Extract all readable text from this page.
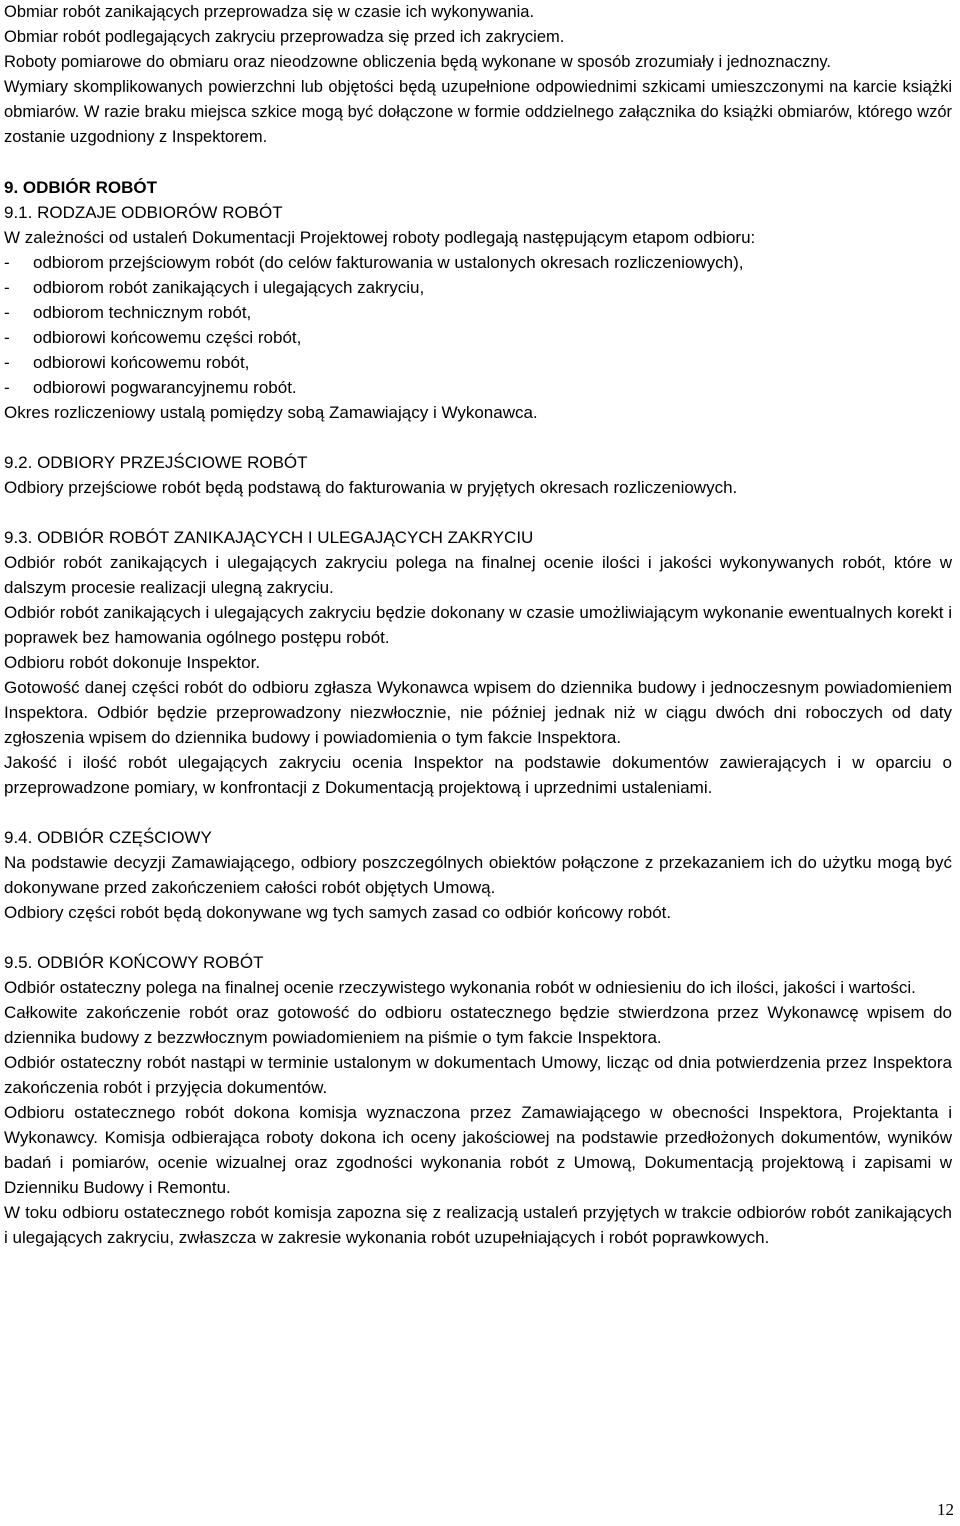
Obmiar robót zanikających przeprowadza się w czasie ich wykonywania.

Obmiar robót podlegających zakryciu przeprowadza się przed ich zakryciem.

Roboty pomiarowe do obmiaru oraz nieodzowne obliczenia będą wykonane w sposób zrozumiały i jednoznaczny.

Wymiary skomplikowanych powierzchni lub objętości będą uzupełnione odpowiednimi szkicami umieszczonymi na karcie książki obmiarów. W razie braku miejsca szkice mogą być dołączone w formie oddzielnego załącznika do książki obmiarów, którego wzór zostanie uzgodniony z Inspektorem.

9. ODBIÓR ROBÓT
9.1. RODZAJE ODBIORÓW ROBÓT

W zależności od ustaleń Dokumentacji Projektowej roboty podlegają następującym etapom odbioru:

- odbiorom przejściowym robót (do celów fakturowania w ustalonych okresach rozliczeniowych),
- odbiorom robót zanikających i ulegających zakryciu,
- odbiorom technicznym robót,
- odbiorowi końcowemu części robót,
- odbiorowi końcowemu robót,
- odbiorowi pogwarancyjnemu robót.

Okres rozliczeniowy ustalą pomiędzy sobą Zamawiający i Wykonawca.

9.2. ODBIORY PRZEJŚCIOWE ROBÓT

Odbiory przejściowe robót będą podstawą do fakturowania w pryjętych okresach rozliczeniowych.

9.3. ODBIÓR ROBÓT ZANIKAJĄCYCH I ULEGAJĄCYCH ZAKRYCIU

Odbiór robót zanikających i ulegających zakryciu polega na finalnej ocenie ilości i jakości wykonywanych robót, które w dalszym procesie realizacji ulegną zakryciu.

Odbiór robót zanikających i ulegających zakryciu będzie dokonany w czasie umożliwiającym wykonanie ewentualnych korekt i poprawek bez hamowania ogólnego postępu robót.

Odbioru robót dokonuje Inspektor.

Gotowość danej części robót do odbioru zgłasza Wykonawca wpisem do dziennika budowy i jednoczesnym powiadomieniem Inspektora. Odbiór będzie przeprowadzony niezwłocznie, nie później jednak niż w ciągu dwóch dni roboczych od daty zgłoszenia wpisem do dziennika budowy i powiadomienia o tym fakcie Inspektora.

Jakość i ilość robót ulegających zakryciu ocenia Inspektor na podstawie dokumentów zawierających i w oparciu o przeprowadzone pomiary, w konfrontacji z Dokumentacją projektową i uprzednimi ustaleniami.

9.4. ODBIÓR CZĘŚCIOWY

Na podstawie decyzji Zamawiającego, odbiory poszczególnych obiektów połączone z przekazaniem ich do użytku mogą być dokonywane przed zakończeniem całości robót objętych Umową.

Odbiory części robót będą dokonywane wg tych samych zasad co odbiór końcowy robót.

9.5. ODBIÓR KOŃCOWY ROBÓT

Odbiór ostateczny polega na finalnej ocenie rzeczywistego wykonania robót w odniesieniu do ich ilości, jakości i wartości.

Całkowite zakończenie robót oraz gotowość do odbioru ostatecznego będzie stwierdzona przez Wykonawcę wpisem do dziennika budowy z bezzwłocznym powiadomieniem na piśmie o tym fakcie Inspektora.

Odbiór ostateczny robót nastąpi w terminie ustalonym w dokumentach Umowy, licząc od dnia potwierdzenia przez Inspektora zakończenia robót i przyjęcia dokumentów.

Odbioru ostatecznego robót dokona komisja wyznaczona przez Zamawiającego w obecności Inspektora, Projektanta i Wykonawcy. Komisja odbierająca roboty dokona ich oceny jakościowej na podstawie przedłożonych dokumentów, wyników badań i pomiarów, ocenie wizualnej oraz zgodności wykonania robót z Umową, Dokumentacją projektową i zapisami w Dzienniku Budowy i Remontu.

W toku odbioru ostatecznego robót komisja zapozna się z realizacją ustaleń przyjętych w trakcie odbiorów robót zanikających i ulegających zakryciu, zwłaszcza w zakresie wykonania robót uzupełniających i robót poprawkowych.

12
